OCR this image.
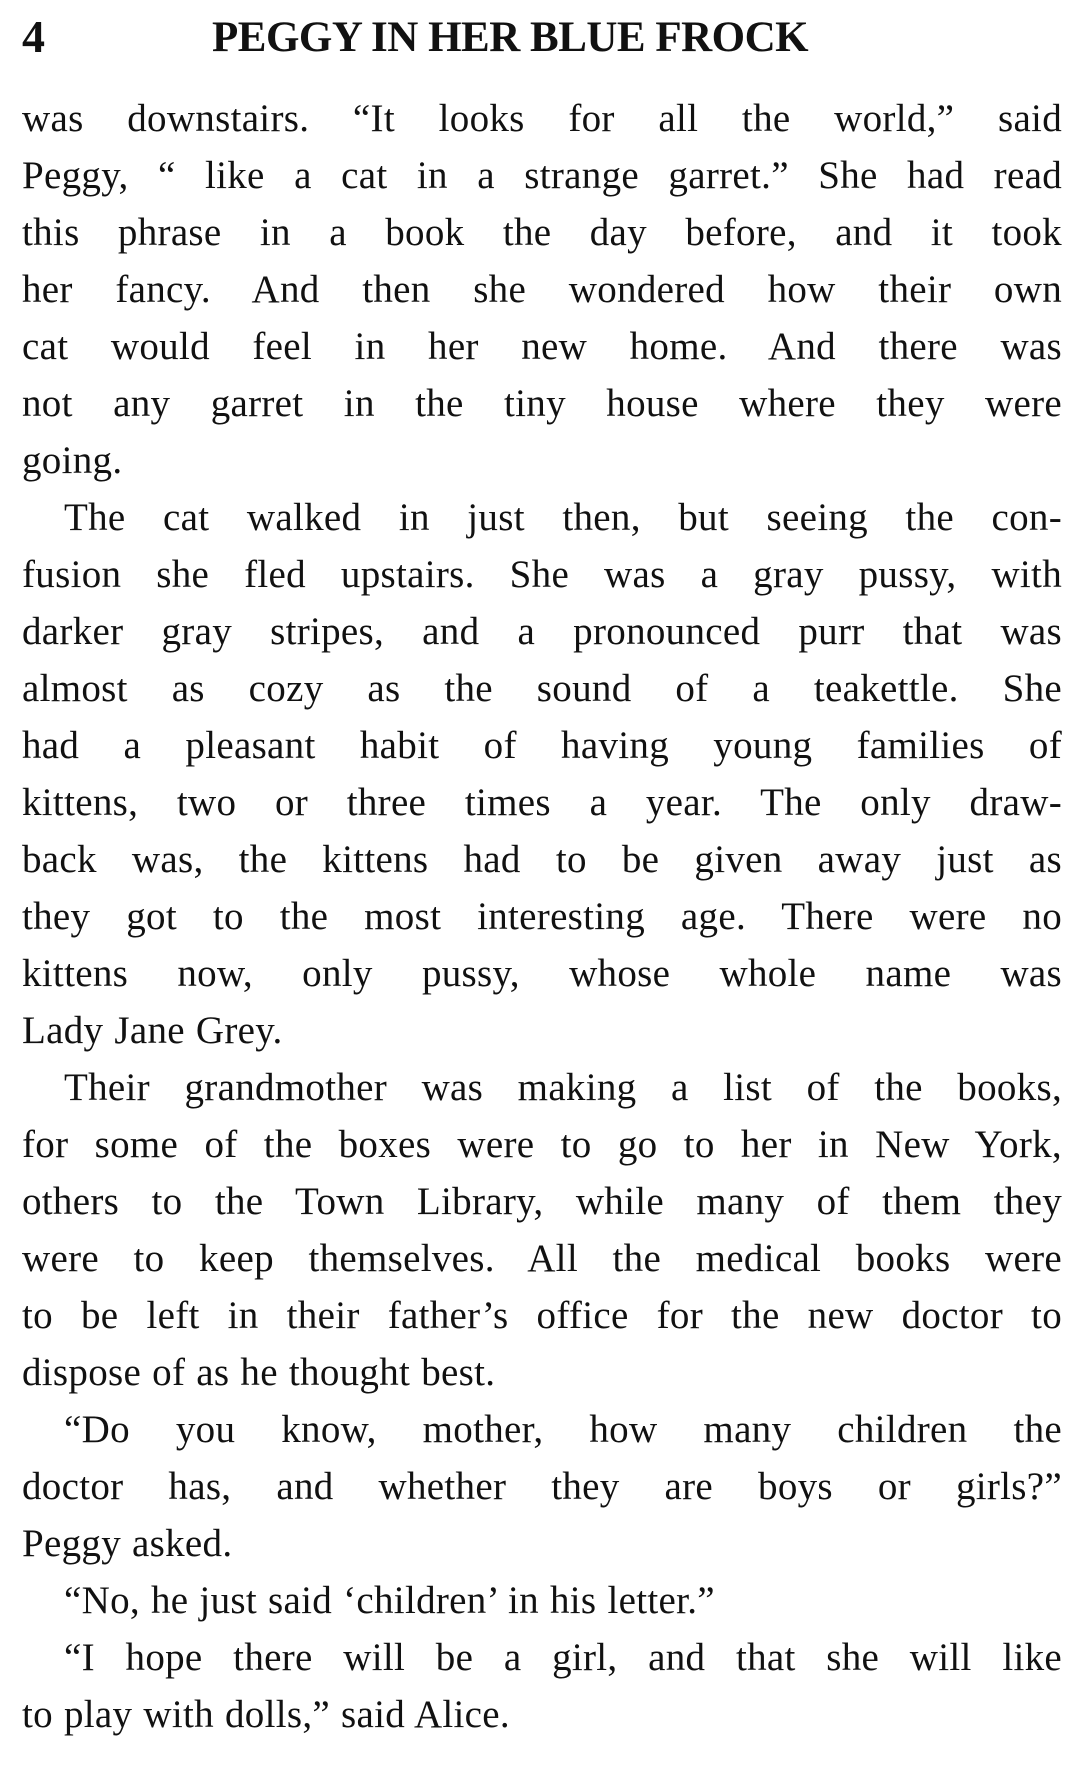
4	PEGGY IN HER BLUE FROCK
was downstairs. “It looks for all the world,” said
Peggy, “ like a cat in a strange garret.” She had read
this phrase in a book the day before, and it took
her fancy. And then she wondered how their own
cat would feel in her new home. And there was
not any garret in the tiny house where they were
going.
The cat walked in just then, but seeing the con-
fusion she fled upstairs. She was a gray pussy, with
darker gray stripes, and a pronounced purr that was
almost as cozy as the sound of a teakettle. She
had a pleasant habit of having young families of
kittens, two or three times a year. The only draw-
back was, the kittens had to be given away just as
they got to the most interesting age. There were no
kittens now, only pussy, whose whole name was
Lady Jane Grey.
Their grandmother was making a list of the books,
for some of the boxes were to go to her in New York,
others to the Town Library, while many of them they
were to keep themselves. All the medical books were
to be left in their father’s office for the new doctor to
dispose of as he thought best.
“Do you know, mother, how many children the
doctor has, and whether they are boys or girls?”
Peggy asked.
“No, he just said ‘children’ in his letter.”
“I hope there will be a girl, and that she will like
to play with dolls,” said Alice.
